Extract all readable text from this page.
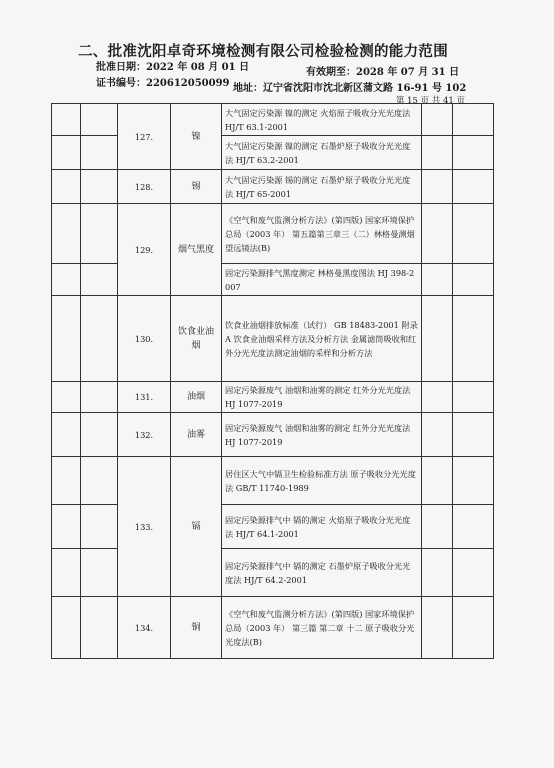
二、批准沈阳卓奇环境检测有限公司检验检测的能力范围
批准日期：2022 年 08 月 01 日	有效期至：2028 年 07 月 31 日
证书编号：220612050099 地址：辽宁省沈阳市沈北新区蒲文路 16-91 号 102
第 15 页 共 41 页
		127.	镍	大气固定污染源 镍的测定 火焰原子吸收分光光度法 HJ/T 63.1-2001		
				大气固定污染源 镍的测定 石墨炉原子吸收分光光度法 HJ/T 63.2-2001		
		128.	锡	大气固定污染源 锡的测定 石墨炉原子吸收分光光度法 HJ/T 65-2001		
		129.	烟气黑度	《空气和废气监测分析方法》(第四版) 国家环境保护总局（2003 年） 第五篇第三章三（二）林格曼测烟望远镜法(B)		
				固定污染源排气黑度测定 林格曼黑度图法 HJ 398-2007		
		130.	饮食业油烟	饮食业油烟排放标准（试行） GB 18483-2001 附录A 饮食业油烟采样方法及分析方法 金属滤筒吸收和红外分光光度法测定油烟的采样和分析方法		
		131.	油烟	固定污染源废气 油烟和油雾的测定 红外分光光度法 HJ 1077-2019		
		132.	油雾	固定污染源废气 油烟和油雾的测定 红外分光光度法 HJ 1077-2019		
		133.	镉	居住区大气中镉卫生检验标准方法 原子吸收分光光度法 GB/T 11740-1989		
				固定污染源排气中 镉的测定 火焰原子吸收分光光度法 HJ/T 64.1-2001		
				固定污染源排气中 镉的测定 石墨炉原子吸收分光光度法 HJ/T 64.2-2001		
		134.	铜	《空气和废气监测分析方法》(第四版) 国家环境保护总局（2003 年） 第三篇 第二章 十二 原子吸收分光光度法(B)		
